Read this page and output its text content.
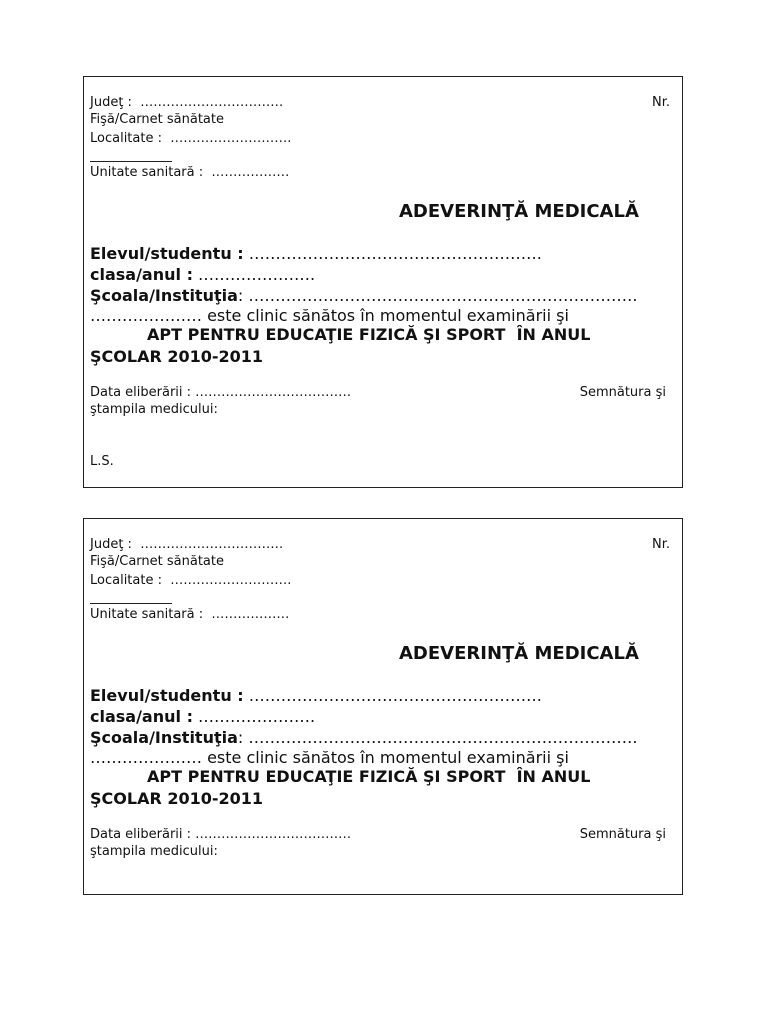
Judeţ :  ……………………………	Nr.
Fişă/Carnet sănătate
Localitate :  ……………………….
Unitate sanitară :  ………………
ADEVERINŢĂ MEDICALĂ
Elevul/studentu : ……………………………………………….
clasa/anul : ………………….
Şcoala/Instituţia: ……………………………………………………………….
………………… este clinic sănătos în momentul examinării şi
APT PENTRU EDUCAŢIE FIZICĂ ŞI SPORT  ÎN ANUL
ŞCOLAR 2010-2011
Data eliberării : ………………………………	Semnătura şi
ştampila medicului:
L.S.
Judeţ :  ……………………………	Nr.
Fişă/Carnet sănătate
Localitate :  ……………………….
Unitate sanitară :  ………………
ADEVERINŢĂ MEDICALĂ
Elevul/studentu : ……………………………………………….
clasa/anul : ………………….
Şcoala/Instituţia: ……………………………………………………………….
………………… este clinic sănătos în momentul examinării şi
APT PENTRU EDUCAŢIE FIZICĂ ŞI SPORT  ÎN ANUL
ŞCOLAR 2010-2011
Data eliberării : ………………………………	Semnătura şi
ştampila medicului:
